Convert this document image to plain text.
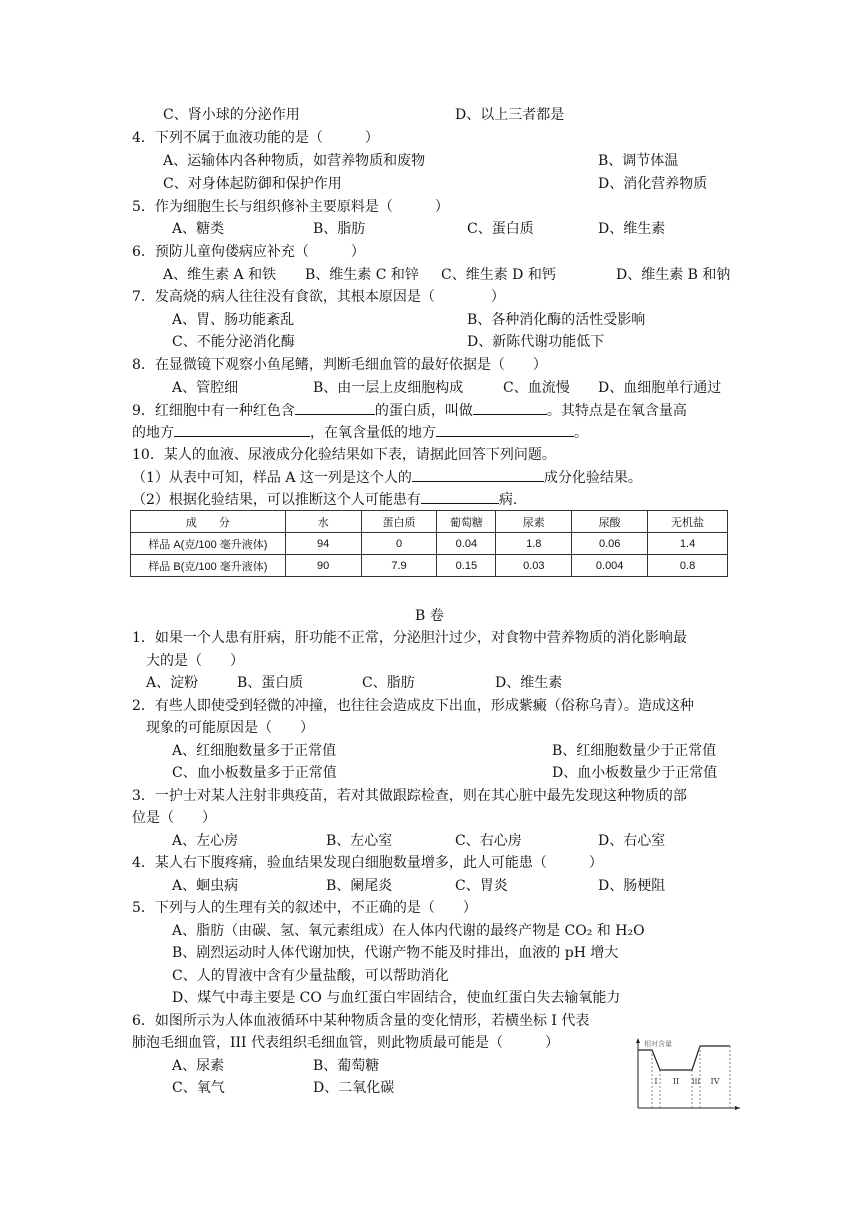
C、肾小球的分泌作用	D、以上三者都是
4．下列不属于血液功能的是（　　　）
A、运输体内各种物质，如营养物质和废物	B、调节体温
C、对身体起防御和保护作用	D、消化营养物质
5．作为细胞生长与组织修补主要原料是（　　　）
A、糖类	B、脂肪	C、蛋白质	D、维生素
6．预防儿童佝偻病应补充（　　　）
A、维生素 A 和铁 B、维生素 C 和锌 C、维生素 D 和钙	D、维生素 B 和钠
7．发高烧的病人往往没有食欲，其根本原因是（　　　　）
A、胃、肠功能紊乱	B、各种消化酶的活性受影响
C、不能分泌消化酶	D、新陈代谢功能低下
8．在显微镜下观察小鱼尾鳍，判断毛细血管的最好依据是（　　）
A、管腔细	B、由一层上皮细胞构成	C、血流慢 D、血细胞单行通过
9．红细胞中有一种红色含	的蛋白质，叫做	。其特点是在氧含量高
的地方	，在氧含量低的地方	。
10．某人的血液、尿液成分化验结果如下表，请据此回答下列问题。
（1）从表中可知，样品 A 这一列是这个人的	成分化验结果。
（2）根据化验结果，可以推断这个人可能患有	病.
成　　分	水	蛋白质	葡萄糖	尿素	尿酸	无机盐
样品 A(克/100 毫升液体)	94	0	0.04	1.8	0.06	1.4
样品 B(克/100 毫升液体)	90	7.9	0.15	0.03	0.004	0.8
B 卷
1．如果一个人患有肝病，肝功能不正常，分泌胆汁过少，对食物中营养物质的消化影响最
大的是（　　）
A、淀粉	B、蛋白质	C、脂肪	D、维生素
2．有些人即使受到轻微的冲撞，也往往会造成皮下出血，形成紫癜（俗称乌青）。造成这种
现象的可能原因是（　　）
A、红细胞数量多于正常值	B、红细胞数量少于正常值
C、血小板数量多于正常值	D、血小板数量少于正常值
3．一护士对某人注射非典疫苗，若对其做跟踪检查，则在其心脏中最先发现这种物质的部
位是（　　）
A、左心房	B、左心室	C、右心房	D、右心室
4．某人右下腹疼痛，验血结果发现白细胞数量增多，此人可能患（　　　）
A、蛔虫病	B、阑尾炎	C、胃炎	D、肠梗阻
5．下列与人的生理有关的叙述中，不正确的是（　　）
A、脂肪（由碳、氢、氧元素组成）在人体内代谢的最终产物是 CO₂ 和 H₂O
B、剧烈运动时人体代谢加快，代谢产物不能及时排出，血液的 pH 增大
C、人的胃液中含有少量盐酸，可以帮助消化
D、煤气中毒主要是 CO 与血红蛋白牢固结合，使血红蛋白失去输氧能力
6．如图所示为人体血液循环中某种物质含量的变化情形，若横坐标 I 代表
肺泡毛细血管，III 代表组织毛细血管，则此物质最可能是（　　　）
A、尿素	B、葡萄糖
C、氧气	D、二氧化碳
相对含量
I II III IV
